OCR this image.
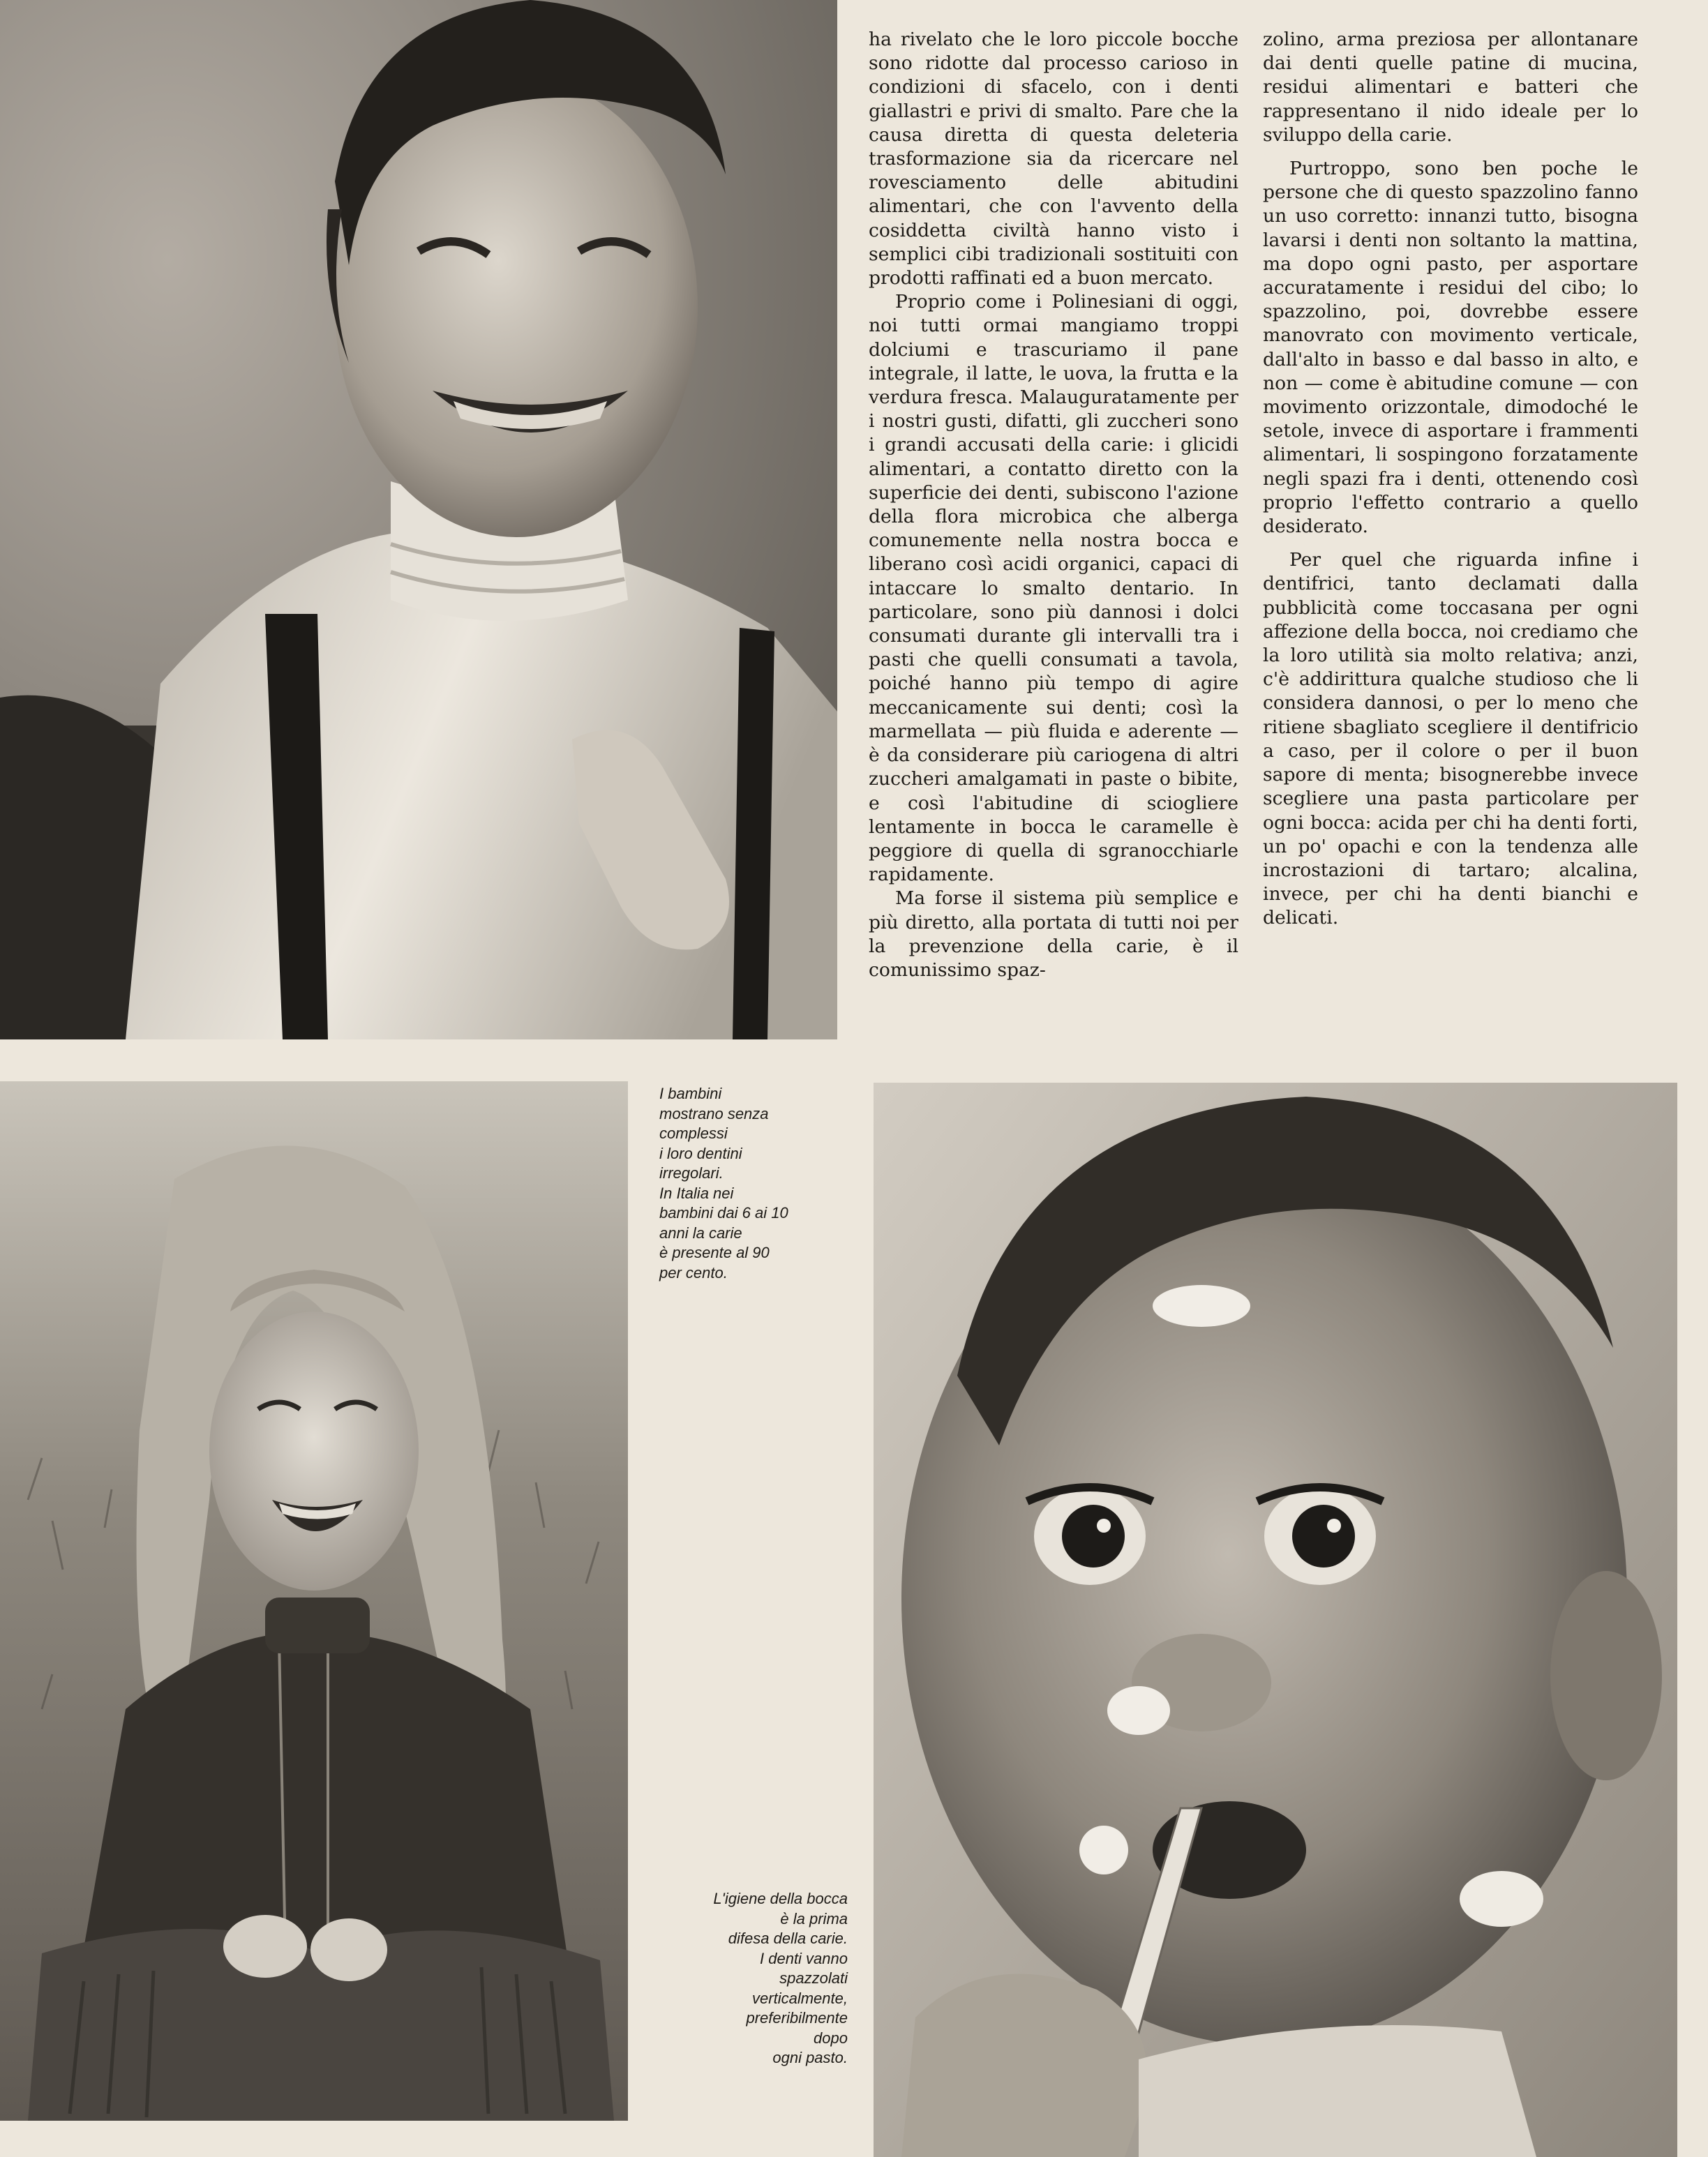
ha rivelato che le loro piccole bocche sono ridotte dal processo carioso in condizioni di sfacelo, con i denti giallastri e privi di smalto. Pare che la causa diretta di questa deleteria trasformazione sia da ricercare nel rovesciamento delle abitudini alimentari, che con l'avvento della cosiddetta civiltà hanno visto i semplici cibi tradizionali sostituiti con prodotti raffinati ed a buon mercato.

Proprio come i Polinesiani di oggi, noi tutti ormai mangiamo troppi dolciumi e trascuriamo il pane integrale, il latte, le uova, la frutta e la verdura fresca. Malauguratamente per i nostri gusti, difatti, gli zuccheri sono i grandi accusati della carie: i glicidi alimentari, a contatto diretto con la superficie dei denti, subiscono l'azione della flora microbica che alberga comunemente nella nostra bocca e liberano così acidi organici, capaci di intaccare lo smalto dentario. In particolare, sono più dannosi i dolci consumati durante gli intervalli tra i pasti che quelli consumati a tavola, poiché hanno più tempo di agire meccanicamente sui denti; così la marmellata — più fluida e aderente — è da considerare più cariogena di altri zuccheri amalgamati in paste o bibite, e così l'abitudine di sciogliere lentamente in bocca le caramelle è peggiore di quella di sgranocchiarle rapidamente.

Ma forse il sistema più semplice e più diretto, alla portata di tutti noi per la prevenzione della carie, è il comunissimo spaz-

zolino, arma preziosa per allontanare dai denti quelle patine di mucina, residui alimentari e batteri che rappresentano il nido ideale per lo sviluppo della carie.

Purtroppo, sono ben poche le persone che di questo spazzolino fanno un uso corretto: innanzi tutto, bisogna lavarsi i denti non soltanto la mattina, ma dopo ogni pasto, per asportare accuratamente i residui del cibo; lo spazzolino, poi, dovrebbe essere manovrato con movimento verticale, dall'alto in basso e dal basso in alto, e non — come è abitudine comune — con movimento orizzontale, dimodoché le setole, invece di asportare i frammenti alimentari, li sospingono forzatamente negli spazi fra i denti, ottenendo così proprio l'effetto contrario a quello desiderato.

Per quel che riguarda infine i dentifrici, tanto declamati dalla pubblicità come toccasana per ogni affezione della bocca, noi crediamo che la loro utilità sia molto relativa; anzi, c'è addirittura qualche studioso che li considera dannosi, o per lo meno che ritiene sbagliato scegliere il dentifricio a caso, per il colore o per il buon sapore di menta; bisognerebbe invece scegliere una pasta particolare per ogni bocca: acida per chi ha denti forti, un po' opachi e con la tendenza alle incrostazioni di tartaro; alcalina, invece, per chi ha denti bianchi e delicati.

I bambini
mostrano senza
complessi
i loro dentini
irregolari.
In Italia nei
bambini dai 6 ai 10
anni la carie
è presente al 90
per cento.
L'igiene della bocca
è la prima
difesa della carie.
I denti vanno
spazzolati
verticalmente,
preferibilmente
dopo
ogni pasto.
